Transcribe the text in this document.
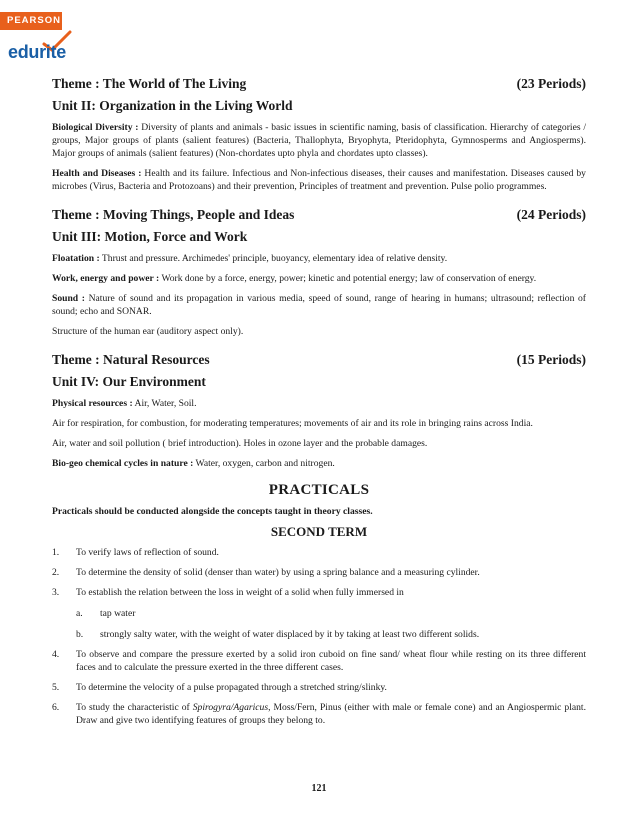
PEARSON
edurite
Theme : The World of The Living	(23 Periods)
Unit II: Organization in the Living World

Biological Diversity : Diversity of plants and animals - basic issues in scientific naming, basis of classification. Hierarchy of categories / groups, Major groups of plants (salient features) (Bacteria, Thallophyta, Bryophyta, Pteridophyta, Gymnosperms and Angiosperms). Major groups of animals (salient features) (Non-chordates upto phyla and chordates upto classes).

Health and Diseases : Health and its failure. Infectious and Non-infectious diseases, their causes and manifestation. Diseases caused by microbes (Virus, Bacteria and Protozoans) and their prevention, Principles of treatment and prevention. Pulse polio programmes.

Theme : Moving Things, People and Ideas	(24 Periods)
Unit III: Motion, Force and Work

Floatation : Thrust and pressure. Archimedes' principle, buoyancy, elementary idea of relative density.

Work, energy and power : Work done by a force, energy, power; kinetic and potential energy; law of conservation of energy.

Sound : Nature of sound and its propagation in various media, speed of sound, range of hearing in humans; ultrasound; reflection of sound; echo and SONAR.

Structure of the human ear (auditory aspect only).

Theme : Natural Resources	(15 Periods)
Unit IV: Our Environment

Physical resources : Air, Water, Soil.

Air for respiration, for combustion, for moderating temperatures; movements of air and its role in bringing rains across India.

Air, water and soil pollution ( brief introduction). Holes in ozone layer and the probable damages.

Bio-geo chemical cycles in nature : Water, oxygen, carbon and nitrogen.

PRACTICALS

Practicals should be conducted alongside the concepts taught in theory classes.

SECOND TERM
1. To verify laws of reflection of sound.
2. To determine the density of solid (denser than water) by using a spring balance and a measuring cylinder.
3. To establish the relation between the loss in weight of a solid when fully immersed in
a. tap water
b. strongly salty water, with the weight of water displaced by it by taking at least two different solids.
4. To observe and compare the pressure exerted by a solid iron cuboid on fine sand/ wheat flour while resting on its three different faces and to calculate the pressure exerted in the three different cases.
5. To determine the velocity of a pulse propagated through a stretched string/slinky.
6. To study the characteristic of Spirogyra/Agaricus, Moss/Fern, Pinus (either with male or female cone) and an Angiospermic plant. Draw and give two identifying features of groups they belong to.
121
